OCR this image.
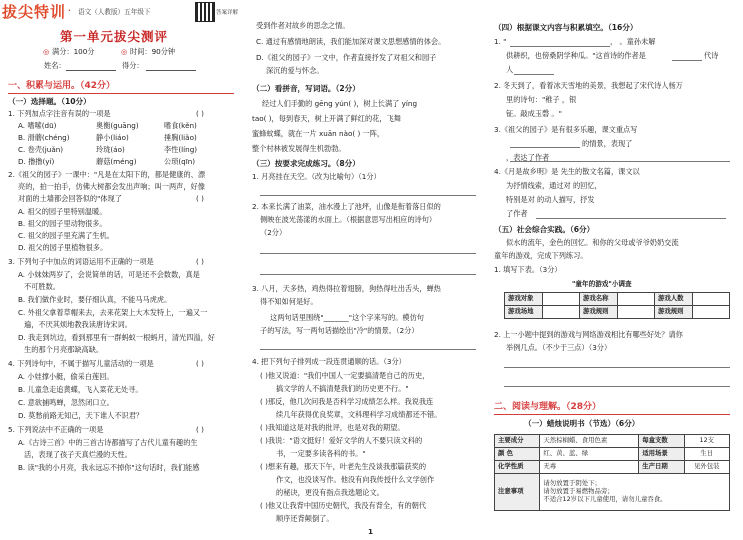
拔尖特训 · 语文（人教版）五年级下	答案详解
第一单元拔尖测评
◎ 满分：100分	◎ 时间：90分钟
姓名：	得分：
一、积累与运用。（42分）
（一）选择题。（10分）
1. 下列加点字注音有误的一项是	( )
A. 嗜嗦(dū)	奥衡(guāng)	嗜食(kěn)
B. 滑蘑(chéng)	静小(liáo)	捶胸(liǎo)
C. 卷壳(juǎn)	玲珑(áo)	李性(líng)
D. 撸撸(yí)	蘑菇(méng)	公琐(qīn)
2.《祖父的园子》一课中："凡是在太阳下的，都是健康的、漂
亮的，拍一拍手，仿佛大树都会发出声响；叫一两声，好像
对面的土墙都会回答似的"体现了	( )
A. 祖父的园子里特别温暖。
B. 祖父的园子里动物很多。
C. 祖父的园子里充满了生机。
D. 祖父的园子里植物很多。
3. 下列句子中加点的词语运用不正确的一项是	( )
A. 小妹妹两岁了，会说简单的话，可是还不会数数，真是
不可胜数。
B. 我们做作业时，要仔细认真，不能马马虎虎。
C. 外祖父拿着草帽来去，去来花架上大木发特上，一遍又一
遍，不厌其烦地教我读唐诗宋词。
D. 我走到坑边，看到那里有一群蚂蚁一根蚂月，清光四溢，好
生的那个月亮那缺高缺。
4. 下列诗句中，不属于描写儿童活动的一项是	( )
A. 小娃撑小艇，偷采白莲回。
B. 儿童急走追黄蝶，飞入菜花无处寻。
C. 意欲捕鸣蝉，忽然闭口立。
D. 莫愁前路无知己，天下谁人不识君？
5. 下列说法中不正确的一项是	( )
A.《古诗三首》中的三首古诗都描写了古代儿童有趣的生
活，表现了孩子天真烂漫的天性。
B. 读"我的小月亮，我永远忘不掉你"这句话时，我们能感
受到作者对故乡的思念之情。
C. 通过有感情地朗读，我们能加深对课文思想感情的体会。
D.《祖父的园子》一文中，作者直接抒发了对祖父和园子
深沉的爱与怀念。
（二）看拼音，写词语。（2分）
经过人们手勤的 gēng yún( )，树上长满了 yíng
tao( )，每到春天，树上开满了鲜红的花，飞舞
蜜蜂蚊蝶，就在一片 xuān nào( ) 一阵，
整个村林被发展得生机勃勃。
（三）按要求完成练习。（8分）
1. 月亮挂在天空。（改为比喻句）（1分）
2. 本来长满了油菜，油水漫上了池坪，山像是衔着落日似的
侧映在波光荡漾的水面上。（根据意思写出相应的诗句）
（2分）
3. 八月，天多热，鸡热得拉着翅膀，狗热得吐出舌头，蝉热
得不知如何是好。
这两句话里围绕"_______"这个字来写的。模仿句
子的写法，写一两句话描绘出"冷"的情景。（2分）
4. 把下列句子排列成一段连贯通顺的话。（3分）
( )他又说道："我们中国人一定要搞清楚自己的历史，
搞文学的人不搞清楚我们的历史更不行。"
( )那反，他几次问我是否科学习成绩怎么样。我说我连
续几年获得优良奖章，文科理科学习成绩都还不错。
( )我知道这是对我的批评，也是对我的期望。
( )我说："语文挺好！爱好文学的人不要只读文科的
书，一定要多读各科的书。"
( )想来有趣，那天下午，叶老先生没谈我那篇获奖的
作文，也没谈写作。他没有向我传授什么文学创作
的秘诀，更没有指点我选题论文。
( )他又让我背中国历史朝代，我没有背全，有的朝代
顺序还背颠倒了。
1
（四）根据课文内容与积累填空。（16分）
1. "	， 。童孙未解
供耕织，也傍桑阴学种瓜。"这首诗的作者是	代诗
人
2. 冬天到了，看着冰天雪地的美景，我想起了宋代诗人杨万
里的诗句："稚子 ，银
钲。敲成玉磬 。"
3.《祖父的园子》是有很多乐趣，课文重点写
的情景，表现了
，表达了作者
4.《月是故乡明》是 先生的散文名篇，课文以
为抒情线索，通过对 的回忆，
特别是对 的动人描写，抒发
了作者
（五）社会综合实践。（6分）
似水的流年，金色的回忆。和你的父母或爷爷奶奶交流
童年的游戏，完成下列练习。
1. 填写下表。（3分）
"童年的游戏"小调查
游戏对象		游戏名称		游戏人数	
游戏场地		游戏规则		游戏规则	
2. 上一小题中提到的游戏与网络游戏相比有哪些好处？请你
举例几点。（不少于三点）（3分）
二、阅读与理解。（28分）
（一）蜡烛说明书（节选）（6分）
主要成分	天然棕榈蜡、食用色素	每盒支数	12支
颜 色	红、黄、蓝、绿	适用场景	生日
化学性质	无毒	生产日期	见外包装
注意事项	请勿放置于阴处下；
请勿放置于易燃物品旁；
不适合12岁以下儿童使用，请勿儿童吞食。		
